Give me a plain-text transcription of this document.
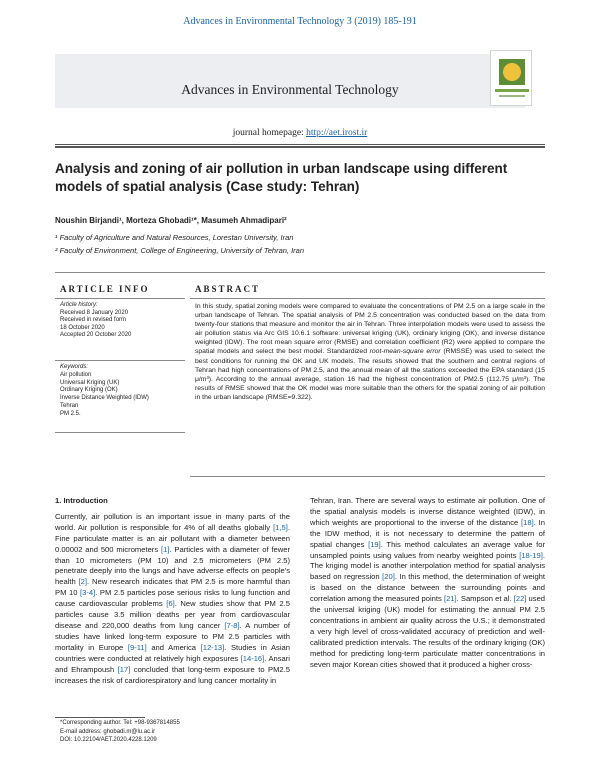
Advances in Environmental Technology 3 (2019) 185-191
Advances in Environmental Technology
journal homepage: http://aet.irost.ir
Analysis and zoning of air pollution in urban landscape using different models of spatial analysis (Case study: Tehran)
Noushin Birjandi¹, Morteza Ghobadi¹*, Masumeh Ahmadipari²
¹ Faculty of Agriculture and Natural Resources, Lorestan University, Iran
² Faculty of Environment, College of Engineering, University of Tehran, Iran
ARTICLE INFO	ABSTRACT
Article history:
Received 8 January 2020
Received in revised form
18 October 2020
Accepted 20 October 2020
Keywords:
Air pollution
Universal Kriging (UK)
Ordinary Kriging (OK)
Inverse Distance Weighted (IDW)
Tehran
PM 2.5.
In this study, spatial zoning models were compared to evaluate the concentrations of PM 2.5 on a large scale in the urban landscape of Tehran. The spatial analysis of PM 2.5 concentration was conducted based on the data from twenty-four stations that measure and monitor the air in Tehran. Three interpolation models were used to assess the air pollution status via Arc GIS 10.6.1 software: universal kriging (UK), ordinary kriging (OK), and inverse distance weighted (IDW). The root mean square error (RMSE) and correlation coefficient (R2) were applied to compare the spatial models and select the best model. Standardized root-mean-square error (RMSSE) was used to select the best conditions for running the OK and UK models. The results showed that the southern and central regions of Tehran had high concentrations of PM 2.5, and the annual mean of all the stations exceeded the EPA standard (15 μ/m³). According to the annual average, station 16 had the highest concentration of PM2.5 (112.75 μ/m³). The results of RMSE showed that the OK model was more suitable than the others for the spatial zoning of air pollution in the urban landscape (RMSE=9.322).
1. Introduction
Currently, air pollution is an important issue in many parts of the world. Air pollution is responsible for 4% of all deaths globally [1,5]. Fine particulate matter is an air pollutant with a diameter between 0.00002 and 500 micrometers [1]. Particles with a diameter of fewer than 10 micrometers (PM 10) and 2.5 micrometers (PM 2.5) penetrate deeply into the lungs and have adverse effects on people's health [2]. New research indicates that PM 2.5 is more harmful than PM 10 [3-4]. PM 2.5 particles pose serious risks to lung function and cause cardiovascular problems [6]. New studies show that PM 2.5 particles cause 3.5 million deaths per year from cardiovascular disease and 220,000 deaths from lung cancer [7-8]. A number of studies have linked long-term exposure to PM 2.5 particles with mortality in Europe [9-11] and America [12-13]. Studies in Asian countries were conducted at relatively high exposures [14-16]. Ansari and Ehrampoush [17] concluded that long-term exposure to PM2.5 increases the risk of cardiorespiratory and lung cancer mortality in
Tehran, Iran. There are several ways to estimate air pollution. One of the spatial analysis models is inverse distance weighted (IDW), in which weights are proportional to the inverse of the distance [18]. In the IDW method, it is not necessary to determine the pattern of spatial changes [19]. This method calculates an average value for unsampled points using values from nearby weighted points [18-19]. The kriging model is another interpolation method for spatial analysis based on regression [20]. In this method, the determination of weight is based on the distance between the surrounding points and correlation among the measured points [21]. Sampson et al. [22] used the universal kriging (UK) model for estimating the annual PM 2.5 concentrations in ambient air quality across the U.S.; it demonstrated a very high level of cross-validated accuracy of prediction and well-calibrated prediction intervals. The results of the ordinary kriging (OK) method for predicting long-term particulate matter concentrations in seven major Korean cities showed that it produced a higher cross-
*Corresponding author. Tel: +98-9367814855
E-mail address: ghobadi.m@lu.ac.ir
DOI: 10.22104/AET.2020.4228.1209
